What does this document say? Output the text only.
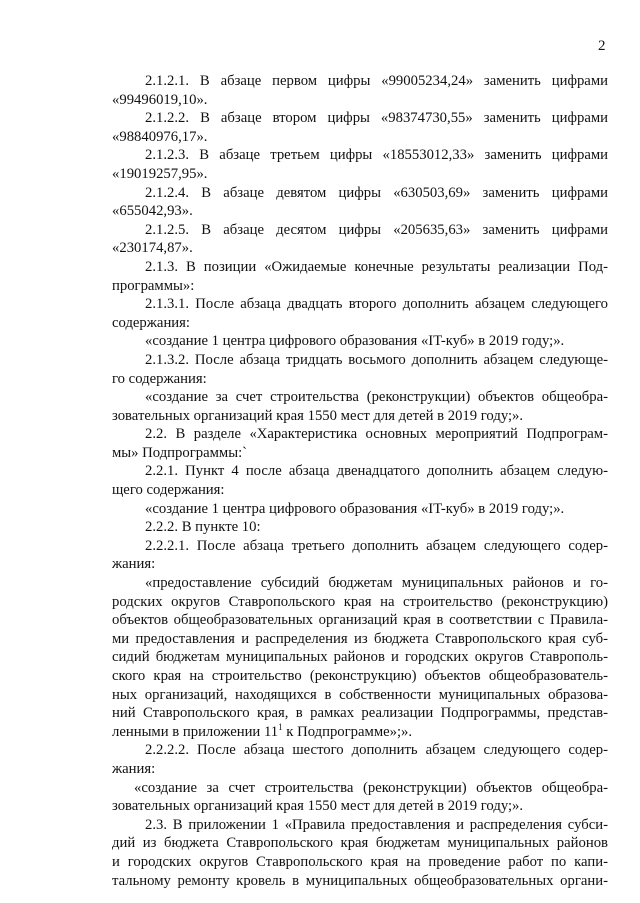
2
2.1.2.1. В абзаце первом цифры «99005234,24» заменить цифрами
«99496019,10».
2.1.2.2. В абзаце втором цифры «98374730,55» заменить цифрами
«98840976,17».
2.1.2.3. В абзаце третьем цифры «18553012,33» заменить цифрами
«19019257,95».
2.1.2.4. В абзаце девятом цифры «630503,69» заменить цифрами
«655042,93».
2.1.2.5. В абзаце десятом цифры «205635,63» заменить цифрами
«230174,87».
2.1.3. В позиции «Ожидаемые конечные результаты реализации Под-
программы»:
2.1.3.1. После абзаца двадцать второго дополнить абзацем следующего
содержания:
«создание 1 центра цифрового образования «IT-куб» в 2019 году;».
2.1.3.2. После абзаца тридцать восьмого дополнить абзацем следующе-
го содержания:
«создание за счет строительства (реконструкции) объектов общеобра-
зовательных организаций края 1550 мест для детей в 2019 году;».
2.2. В разделе «Характеристика основных мероприятий Подпрограм-
мы» Подпрограммы:`
2.2.1. Пункт 4 после абзаца двенадцатого дополнить абзацем следую-
щего содержания:
«создание 1 центра цифрового образования «IT-куб» в 2019 году;».
2.2.2. В пункте 10:
2.2.2.1. После абзаца третьего дополнить абзацем следующего содер-
жания:
«предоставление субсидий бюджетам муниципальных районов и го-
родских округов Ставропольского края на строительство (реконструкцию)
объектов общеобразовательных организаций края в соответствии с Правила-
ми предоставления и распределения из бюджета Ставропольского края суб-
сидий бюджетам муниципальных районов и городских округов Ставрополь-
ского края на строительство (реконструкцию) объектов общеобразователь-
ных организаций, находящихся в собственности муниципальных образова-
ний Ставропольского края, в рамках реализации Подпрограммы, представ-
ленными в приложении $11^1$ к Подпрограмме»;».
2.2.2.2. После абзаца шестого дополнить абзацем следующего содер-
жания:
«создание за счет строительства (реконструкции) объектов общеобра-
зовательных организаций края 1550 мест для детей в 2019 году;».
2.3. В приложении 1 «Правила предоставления и распределения субси-
дий из бюджета Ставропольского края бюджетам муниципальных районов
и городских округов Ставропольского края на проведение работ по капи-
тальному ремонту кровель в муниципальных общеобразовательных органи-
